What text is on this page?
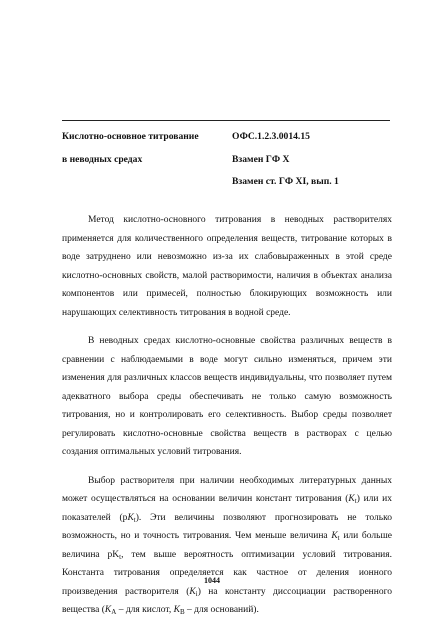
Кислотно-основное титрование
в неводных средах
ОФС.1.2.3.0014.15
Взамен ГФ X
Взамен ст. ГФ XI, вып. 1

Метод кислотно-основного титрования в неводных растворителях применяется для количественного определения веществ, титрование которых в воде затруднено или невозможно из-за их слабовыраженных в этой среде кислотно-основных свойств, малой растворимости, наличия в объектах анализа компонентов или примесей, полностью блокирующих возможность или нарушающих селективность титрования в водной среде.

В неводных средах кислотно-основные свойства различных веществ в сравнении с наблюдаемыми в воде могут сильно изменяться, причем эти изменения для различных классов веществ индивидуальны, что позволяет путем адекватного выбора среды обеспечивать не только самую возможность титрования, но и контролировать его селективность. Выбор среды позволяет регулировать кислотно-основные свойства веществ в растворах с целью создания оптимальных условий титрования.

Выбор растворителя при наличии необходимых литературных данных может осуществляться на основании величин констант титрования $(K_t)$ или их показателей $(pK_t)$. Эти величины позволяют прогнозировать не только возможность, но и точность титрования. Чем меньше величина $K_t$ или больше величина $pK_t$, тем выше вероятность оптимизации условий титрования. Константа титрования определяется как частное от деления ионного произведения растворителя $(K_i)$ на константу диссоциации растворенного вещества ($K_A$ – для кислот, $K_B$ – для оснований).

1044
